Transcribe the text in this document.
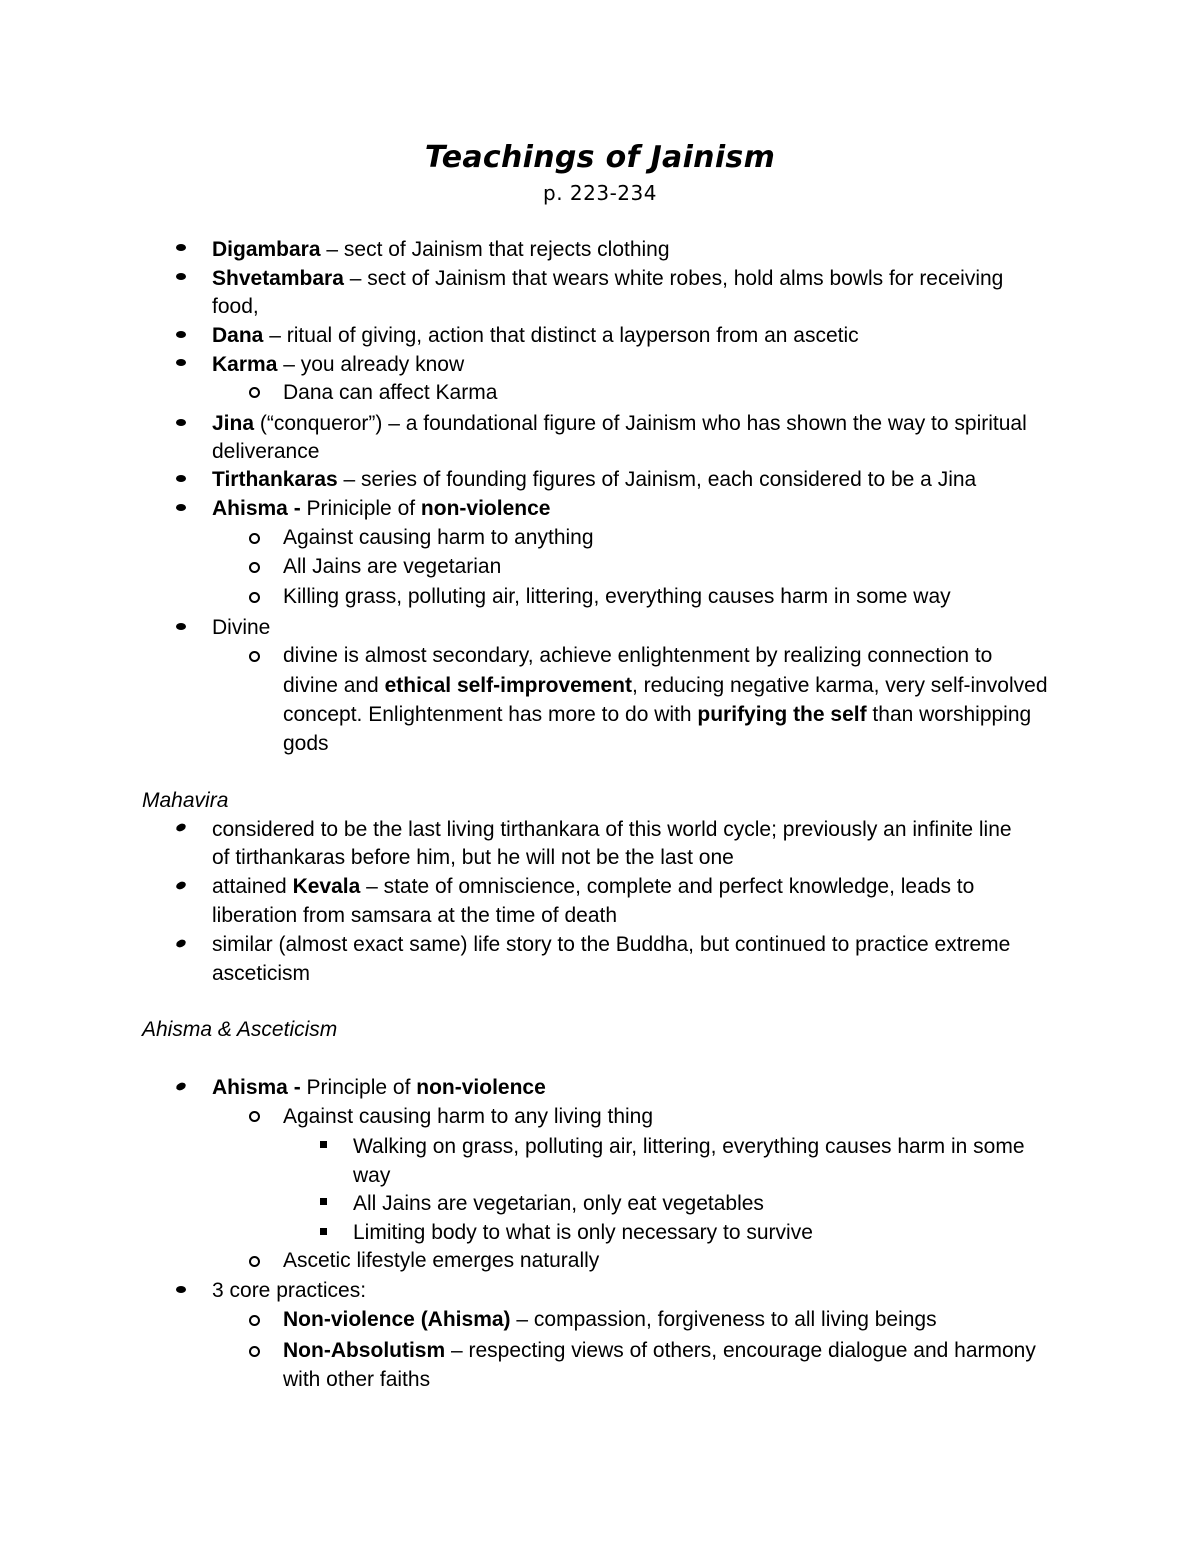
Teachings of Jainism
p. 223-234
Digambara – sect of Jainism that rejects clothing
Shvetambara – sect of Jainism that wears white robes, hold alms bowls for receiving
food,
Dana – ritual of giving, action that distinct a layperson from an ascetic
Karma – you already know
Dana can affect Karma
Jina (“conqueror”) – a foundational figure of Jainism who has shown the way to spiritual
deliverance
Tirthankaras – series of founding figures of Jainism, each considered to be a Jina
Ahisma - Priniciple of non-violence
Against causing harm to anything
All Jains are vegetarian
Killing grass, polluting air, littering, everything causes harm in some way
Divine
divine is almost secondary, achieve enlightenment by realizing connection to
divine and ethical self-improvement, reducing negative karma, very self-involved
concept. Enlightenment has more to do with purifying the self than worshipping
gods
Mahavira
considered to be the last living tirthankara of this world cycle; previously an infinite line
of tirthankaras before him, but he will not be the last one
attained Kevala – state of omniscience, complete and perfect knowledge, leads to
liberation from samsara at the time of death
similar (almost exact same) life story to the Buddha, but continued to practice extreme
asceticism
Ahisma & Asceticism
Ahisma - Principle of non-violence
Against causing harm to any living thing
Walking on grass, polluting air, littering, everything causes harm in some
way
All Jains are vegetarian, only eat vegetables
Limiting body to what is only necessary to survive
Ascetic lifestyle emerges naturally
3 core practices:
Non-violence (Ahisma) – compassion, forgiveness to all living beings
Non-Absolutism – respecting views of others, encourage dialogue and harmony
with other faiths
